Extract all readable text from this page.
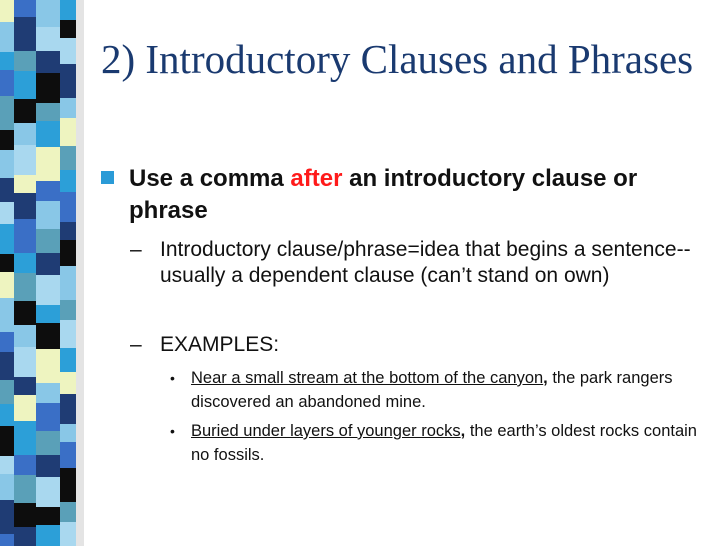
2) Introductory Clauses and Phrases
Use a comma after an introductory clause or phrase
– Introductory clause/phrase=idea that begins a sentence--usually a dependent clause (can’t stand on own)
– EXAMPLES:
• Near a small stream at the bottom of the canyon, the park rangers discovered an abandoned mine.
• Buried under layers of younger rocks, the earth’s oldest rocks contain no fossils.
